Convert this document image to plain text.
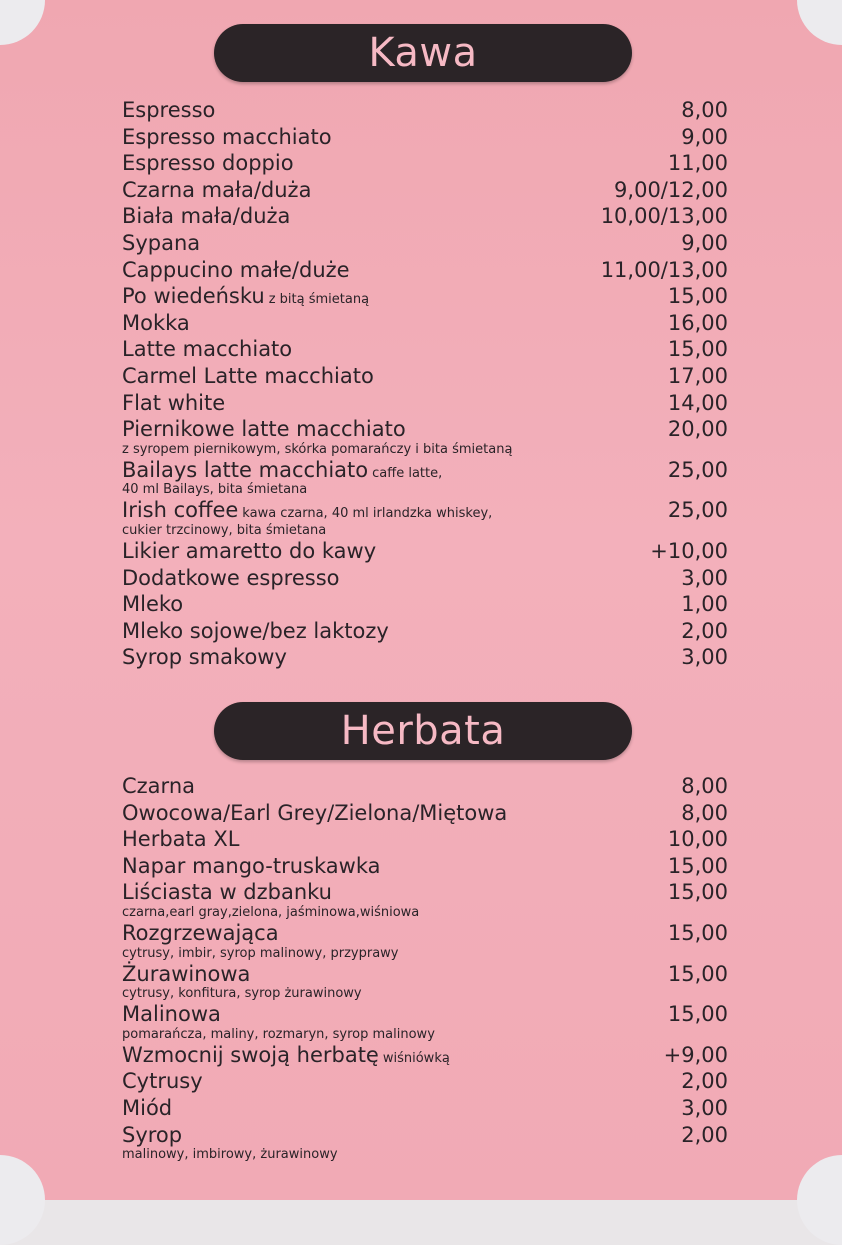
Kawa
Espresso	8,00
Espresso macchiato	9,00
Espresso doppio	11,00
Czarna mała/duża	9,00/12,00
Biała mała/duża	10,00/13,00
Sypana	9,00
Cappucino małe/duże	11,00/13,00
Po wiedeńsku z bitą śmietaną	15,00
Mokka	16,00
Latte macchiato	15,00
Carmel Latte macchiato	17,00
Flat white	14,00
Piernikowe latte macchiato	20,00
z syropem piernikowym, skórka pomarańczy i bita śmietaną
Bailays latte macchiato caffe latte,	25,00
40 ml Bailays, bita śmietana
Irish coffee kawa czarna, 40 ml irlandzka whiskey,	25,00
cukier trzcinowy, bita śmietana
Likier amaretto do kawy	+10,00
Dodatkowe espresso	3,00
Mleko	1,00
Mleko sojowe/bez laktozy	2,00
Syrop smakowy	3,00
Herbata
Czarna	8,00
Owocowa/Earl Grey/Zielona/Miętowa	8,00
Herbata XL	10,00
Napar mango-truskawka	15,00
Liściasta w dzbanku	15,00
czarna,earl gray,zielona, jaśminowa,wiśniowa
Rozgrzewająca	15,00
cytrusy, imbir, syrop malinowy, przyprawy
Żurawinowa	15,00
cytrusy, konfitura, syrop żurawinowy
Malinowa	15,00
pomarańcza, maliny, rozmaryn, syrop malinowy
Wzmocnij swoją herbatę wiśniówką	+9,00
Cytrusy	2,00
Miód	3,00
Syrop	2,00
malinowy, imbirowy, żurawinowy
